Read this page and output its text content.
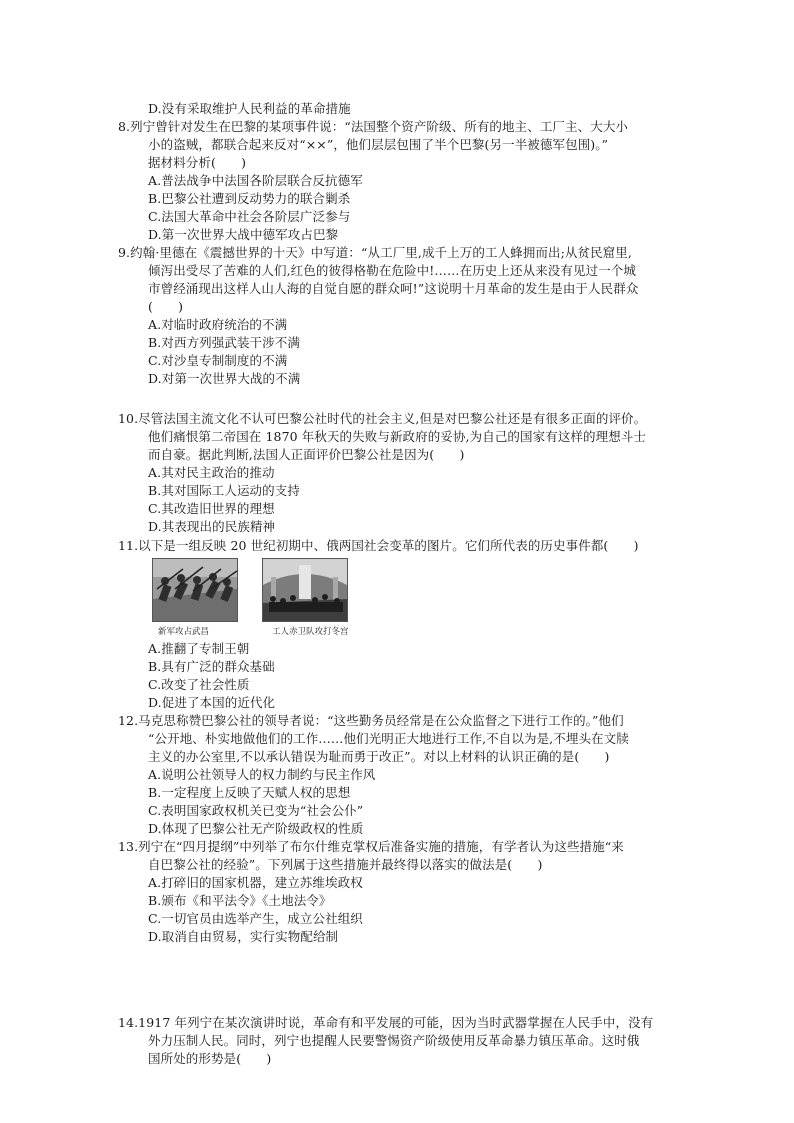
D.没有采取维护人民利益的革命措施
8.列宁曾针对发生在巴黎的某项事件说：“法国整个资产阶级、所有的地主、工厂主、大大小
小的盗贼，都联合起来反对“××”，他们层层包围了半个巴黎(另一半被德军包围)。”
据材料分析(　　)
A.普法战争中法国各阶层联合反抗德军
B.巴黎公社遭到反动势力的联合剿杀
C.法国大革命中社会各阶层广泛参与
D.第一次世界大战中德军攻占巴黎
9.约翰·里德在《震撼世界的十天》中写道：“从工厂里,成千上万的工人蜂拥而出;从贫民窟里,
倾泻出受尽了苦难的人们,红色的彼得格勒在危险中!……在历史上还从来没有见过一个城
市曾经涌现出这样人山人海的自觉自愿的群众呵!”这说明十月革命的发生是由于人民群众
(　　)
A.对临时政府统治的不满
B.对西方列强武装干涉不满
C.对沙皇专制制度的不满
D.对第一次世界大战的不满
10.尽管法国主流文化不认可巴黎公社时代的社会主义,但是对巴黎公社还是有很多正面的评价。
他们痛恨第二帝国在 1870 年秋天的失败与新政府的妥协,为自己的国家有这样的理想斗士
而自豪。据此判断,法国人正面评价巴黎公社是因为(　　)
A.其对民主政治的推动
B.其对国际工人运动的支持
C.其改造旧世界的理想
D.其表现出的民族精神
11.以下是一组反映 20 世纪初期中、俄两国社会变革的图片。它们所代表的历史事件都(　　)
A.推翻了专制王朝
B.具有广泛的群众基础
C.改变了社会性质
D.促进了本国的近代化
12.马克思称赞巴黎公社的领导者说：“这些勤务员经常是在公众监督之下进行工作的。”他们
“公开地、朴实地做他们的工作……他们光明正大地进行工作,不自以为是,不埋头在文牍
主义的办公室里,不以承认错误为耻而勇于改正”。对以上材料的认识正确的是(　　)
A.说明公社领导人的权力制约与民主作风
B.一定程度上反映了天赋人权的思想
C.表明国家政权机关已变为“社会公仆”
D.体现了巴黎公社无产阶级政权的性质
13.列宁在“四月提纲”中列举了布尔什维克掌权后准备实施的措施，有学者认为这些措施“来
自巴黎公社的经验”。下列属于这些措施并最终得以落实的做法是(　　)
A.打碎旧的国家机器，建立苏维埃政权
B.颁布《和平法令》《土地法令》
C.一切官员由选举产生，成立公社组织
D.取消自由贸易，实行实物配给制
14.1917 年列宁在某次演讲时说，革命有和平发展的可能，因为当时武器掌握在人民手中，没有
外力压制人民。同时，列宁也提醒人民要警惕资产阶级使用反革命暴力镇压革命。这时俄
国所处的形势是(　　)
新军攻占武昌	工人赤卫队攻打冬宫
